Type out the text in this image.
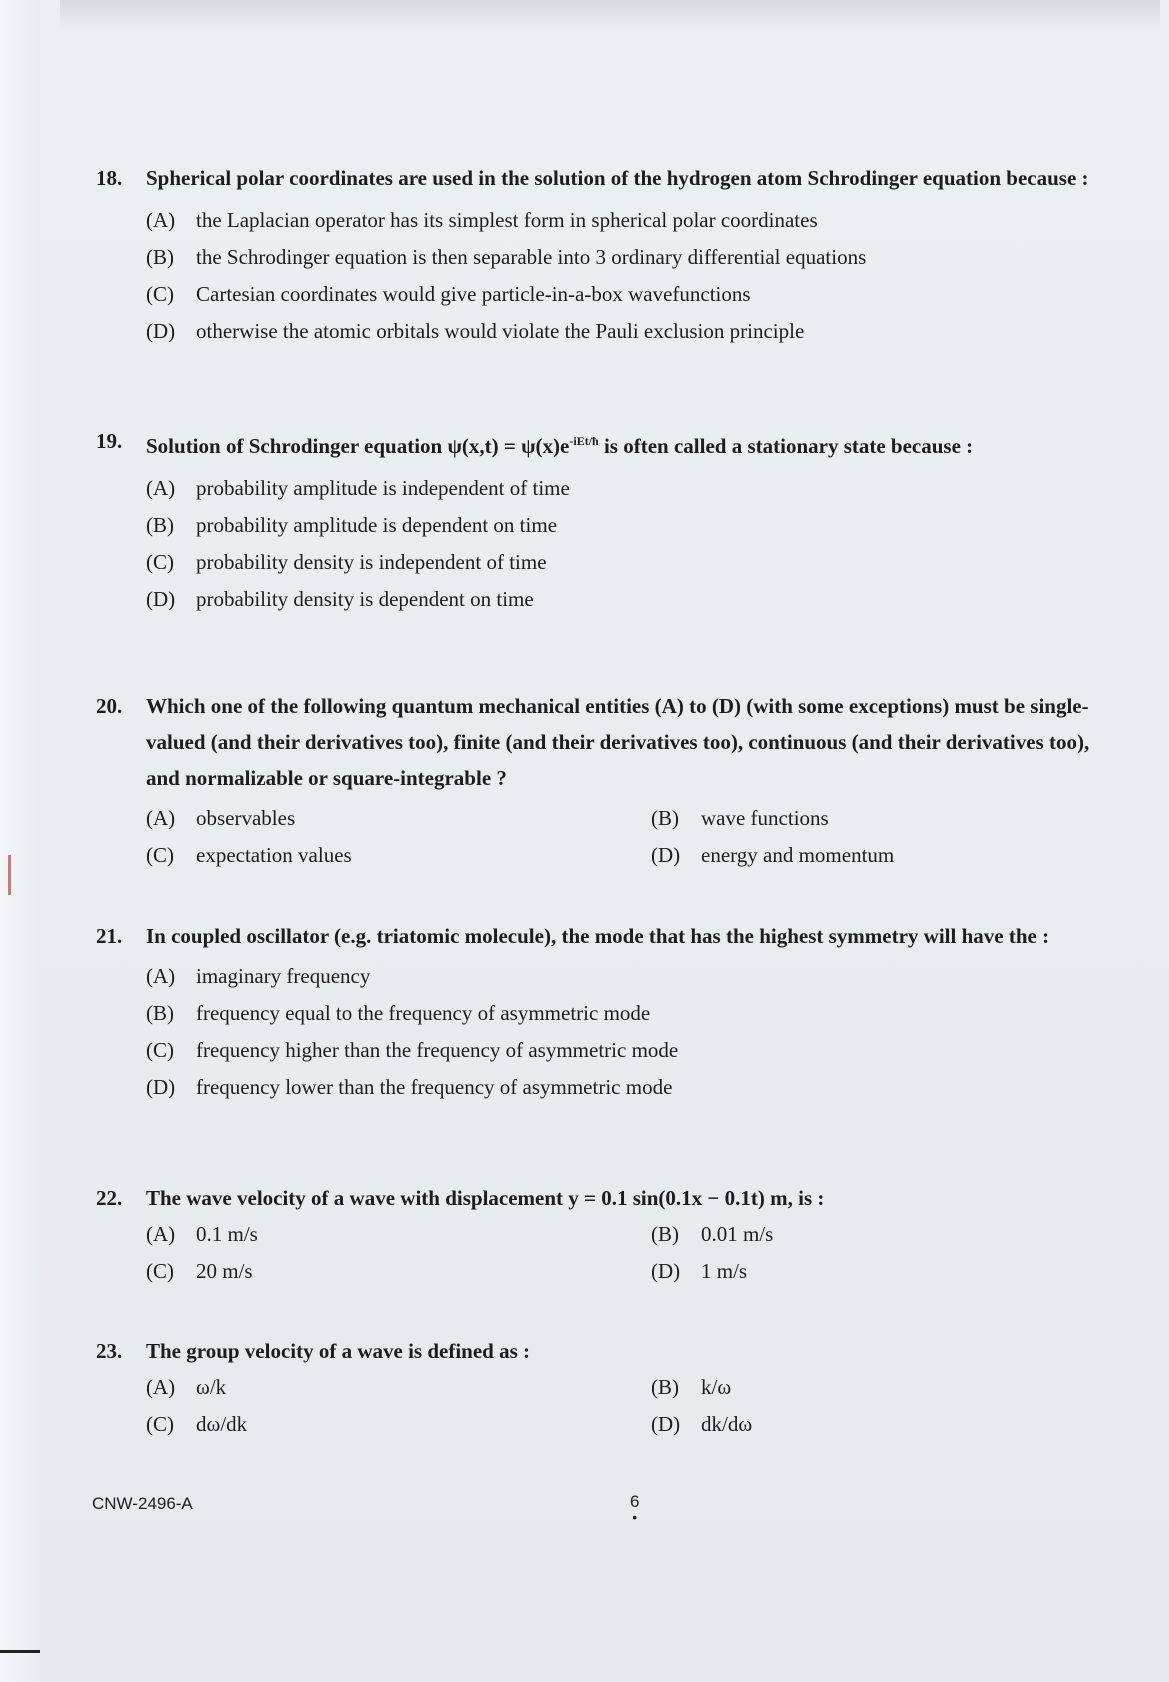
18.	Spherical polar coordinates are used in the solution of the hydrogen atom Schrodinger equation because :
(A) the Laplacian operator has its simplest form in spherical polar coordinates
(B)	the Schrodinger equation is then separable into 3 ordinary differential equations
(C)	Cartesian coordinates would give particle-in-a-box wavefunctions
(D) otherwise the atomic orbitals would violate the Pauli exclusion principle
19.	Solution of Schrodinger equation $\psi(x,t) = \psi(x)e^{-iEt/ħ}$ is often called a stationary state because :
(A) probability amplitude is independent of time
(B)	probability amplitude is dependent on time
(C)	probability density is independent of time
(D) probability density is dependent on time
20.	Which one of the following quantum mechanical entities (A) to (D) (with some exceptions) must be single-valued (and their derivatives too), finite (and their derivatives too), continuous (and their derivatives too), and normalizable or square-integrable ?
(A) observables	(B)	wave functions
(C)	expectation values	(D) energy and momentum
21.	In coupled oscillator (e.g. triatomic molecule), the mode that has the highest symmetry will have the :
(A) imaginary frequency
(B)	frequency equal to the frequency of asymmetric mode
(C)	frequency higher than the frequency of asymmetric mode
(D) frequency lower than the frequency of asymmetric mode
22.	The wave velocity of a wave with displacement y = 0.1 sin(0.1x − 0.1t) m, is :
(A) 0.1 m/s	(B)	0.01 m/s
(C)	20 m/s	(D) 1 m/s
23.	The group velocity of a wave is defined as :
(A) ω/k	(B)	k/ω
(C)	dω/dk	(D) dk/dω
CNW-2496-A	6
•
